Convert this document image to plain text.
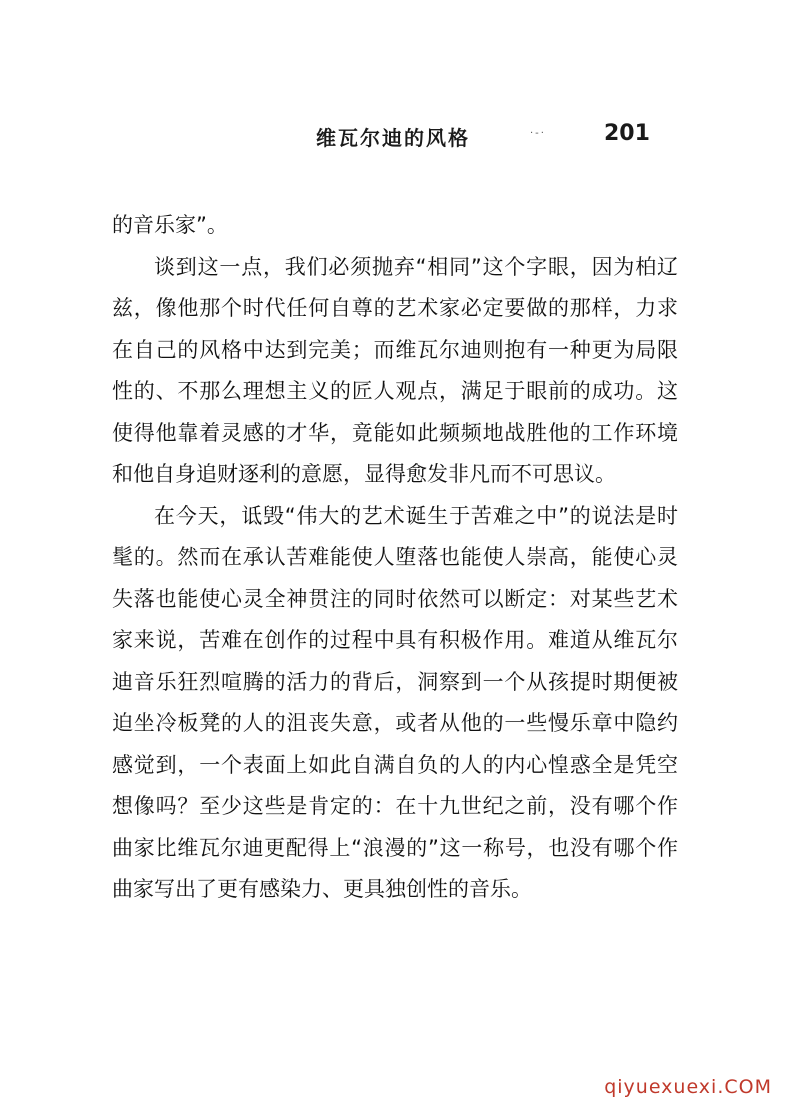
维瓦尔迪的风格	·-·	201

的音乐家”。

谈到这一点，我们必须抛弃“相同”这个字眼，因为柏辽兹，像他那个时代任何自尊的艺术家必定要做的那样，力求在自己的风格中达到完美；而维瓦尔迪则抱有一种更为局限性的、不那么理想主义的匠人观点，满足于眼前的成功。这使得他靠着灵感的才华，竟能如此频频地战胜他的工作环境和他自身追财逐利的意愿，显得愈发非凡而不可思议。

在今天，诋毁“伟大的艺术诞生于苦难之中”的说法是时髦的。然而在承认苦难能使人堕落也能使人崇高，能使心灵失落也能使心灵全神贯注的同时依然可以断定：对某些艺术家来说，苦难在创作的过程中具有积极作用。难道从维瓦尔迪音乐狂烈喧腾的活力的背后，洞察到一个从孩提时期便被迫坐冷板凳的人的沮丧失意，或者从他的一些慢乐章中隐约感觉到，一个表面上如此自满自负的人的内心惶惑全是凭空想像吗？至少这些是肯定的：在十九世纪之前，没有哪个作曲家比维瓦尔迪更配得上“浪漫的”这一称号，也没有哪个作曲家写出了更有感染力、更具独创性的音乐。

qiyuexuexi.COM
